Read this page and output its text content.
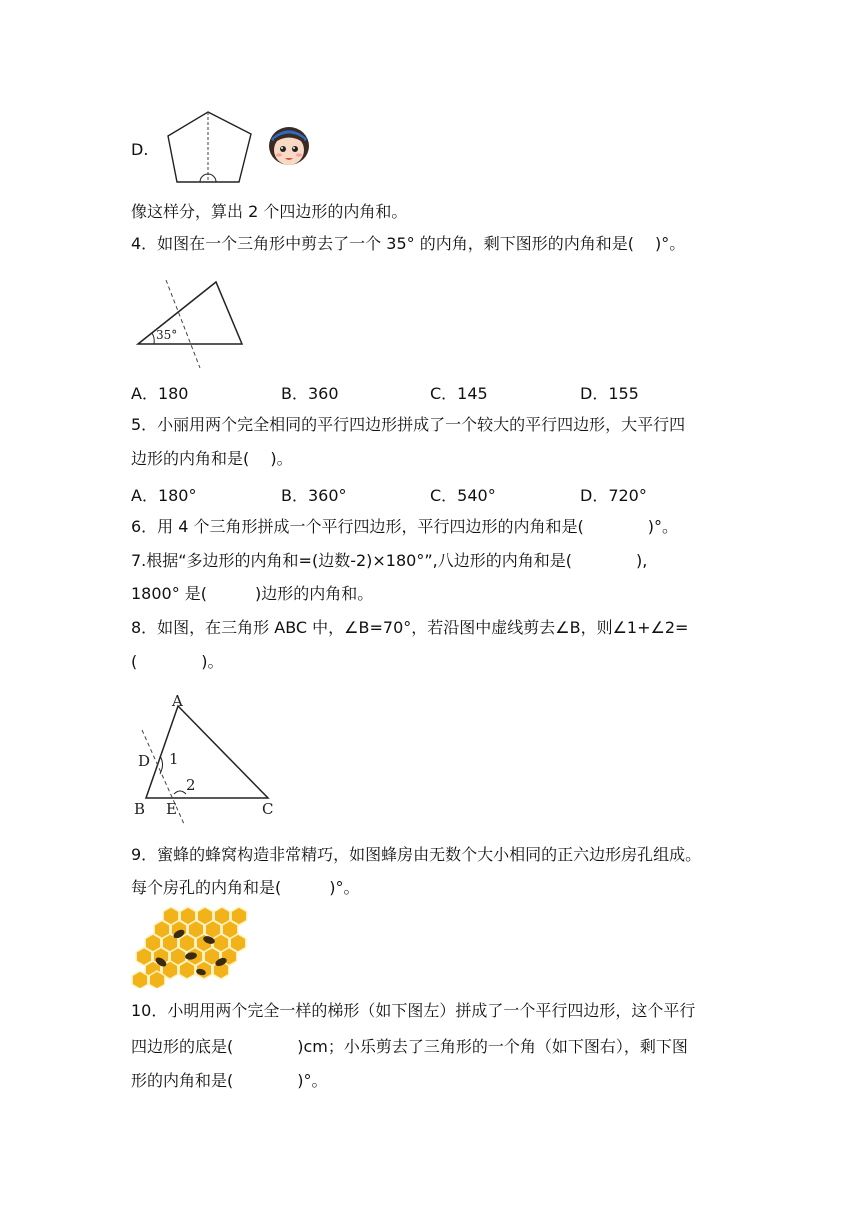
D.
像这样分，算出 2 个四边形的内角和。
4．如图在一个三角形中剪去了一个 35° 的内角，剩下图形的内角和是(　 )°。
35°
A．180	B．360	C．145	D．155
5．小丽用两个完全相同的平行四边形拼成了一个较大的平行四边形，大平行四
边形的内角和是(　 )。
A．180°	B．360°	C．540°	D．720°
6．用 4 个三角形拼成一个平行四边形，平行四边形的内角和是(　　　　)°。
7.根据“多边形的内角和=(边数-2)×180°”,八边形的内角和是(　　　　),
1800° 是(　　　)边形的内角和。
8．如图，在三角形 ABC 中，∠B=70°，若沿图中虚线剪去∠B，则∠1+∠2=
(　　　　)。
A
B	C
D
E
1
2
9．蜜蜂的蜂窝构造非常精巧，如图蜂房由无数个大小相同的正六边形房孔组成。
每个房孔的内角和是(　　　)°。
10．小明用两个完全一样的梯形（如下图左）拼成了一个平行四边形，这个平行
四边形的底是(　　　　)cm；小乐剪去了三角形的一个角（如下图右），剩下图
形的内角和是(　　　　)°。
